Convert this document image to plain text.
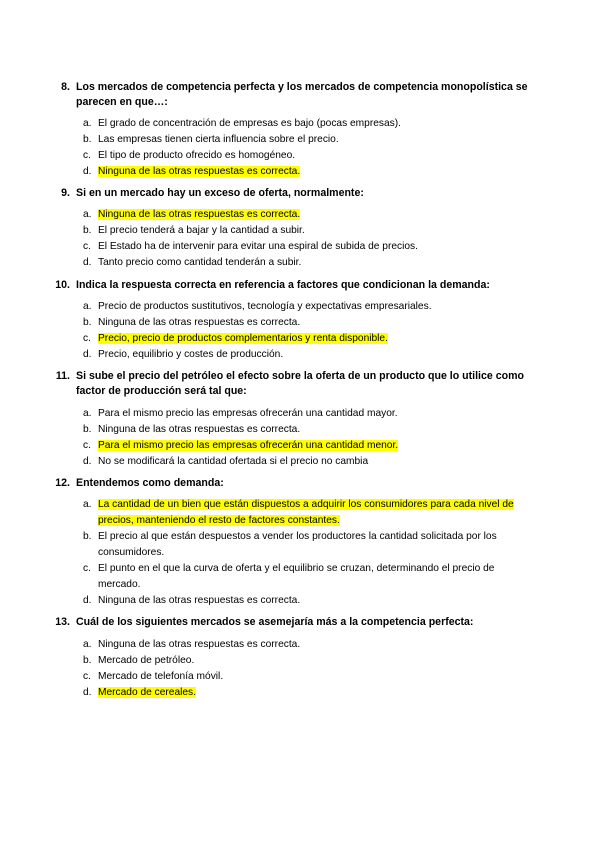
8. Los mercados de competencia perfecta y los mercados de competencia monopolística se parecen en que…:
a. El grado de concentración de empresas es bajo (pocas empresas).
b. Las empresas tienen cierta influencia sobre el precio.
c. El tipo de producto ofrecido es homogéneo.
d. Ninguna de las otras respuestas es correcta.
9. Si en un mercado hay un exceso de oferta, normalmente:
a. Ninguna de las otras respuestas es correcta.
b. El precio tenderá a bajar y la cantidad a subir.
c. El Estado ha de intervenir para evitar una espiral de subida de precios.
d. Tanto precio como cantidad tenderán a subir.
10. Indica la respuesta correcta en referencia a factores que condicionan la demanda:
a. Precio de productos sustitutivos, tecnología y expectativas empresariales.
b. Ninguna de las otras respuestas es correcta.
c. Precio, precio de productos complementarios y renta disponible.
d. Precio, equilibrio y costes de producción.
11. Si sube el precio del petróleo el efecto sobre la oferta de un producto que lo utilice como factor de producción será tal que:
a. Para el mismo precio las empresas ofrecerán una cantidad mayor.
b. Ninguna de las otras respuestas es correcta.
c. Para el mismo precio las empresas ofrecerán una cantidad menor.
d. No se modificará la cantidad ofertada si el precio no cambia
12. Entendemos como demanda:
a. La cantidad de un bien que están dispuestos a adquirir los consumidores para cada nivel de precios, manteniendo el resto de factores constantes.
b. El precio al que están despuestos a vender los productores la cantidad solicitada por los consumidores.
c. El punto en el que la curva de oferta y el equilibrio se cruzan, determinando el precio de mercado.
d. Ninguna de las otras respuestas es correcta.
13. Cuál de los siguientes mercados se asemejaría más a la competencia perfecta:
a. Ninguna de las otras respuestas es correcta.
b. Mercado de petróleo.
c. Mercado de telefonía móvil.
d. Mercado de cereales.
